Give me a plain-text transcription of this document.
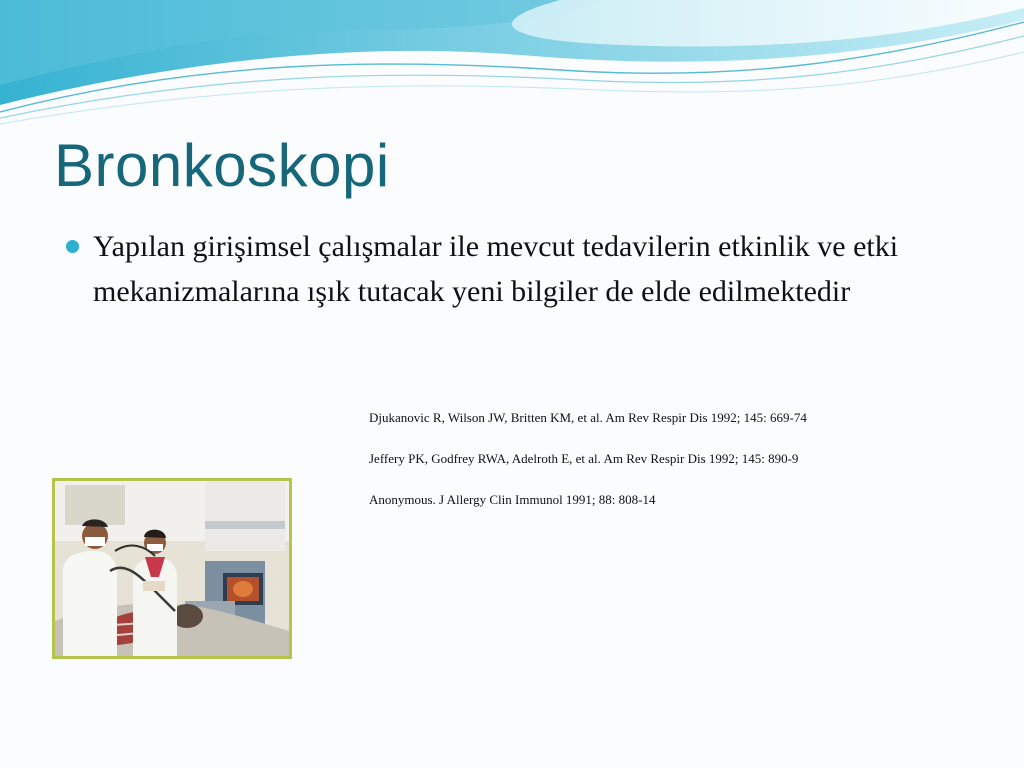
Bronkoskopi
Yapılan girişimsel çalışmalar ile mevcut tedavilerin etkinlik ve etki mekanizmalarına ışık tutacak yeni bilgiler de elde edilmektedir
Djukanovic R, Wilson JW, Britten KM, et al. Am Rev Respir Dis 1992; 145: 669-74
Jeffery PK, Godfrey RWA, Adelroth E, et al. Am Rev Respir Dis 1992; 145: 890-9
Anonymous. J Allergy Clin Immunol 1991; 88: 808-14
